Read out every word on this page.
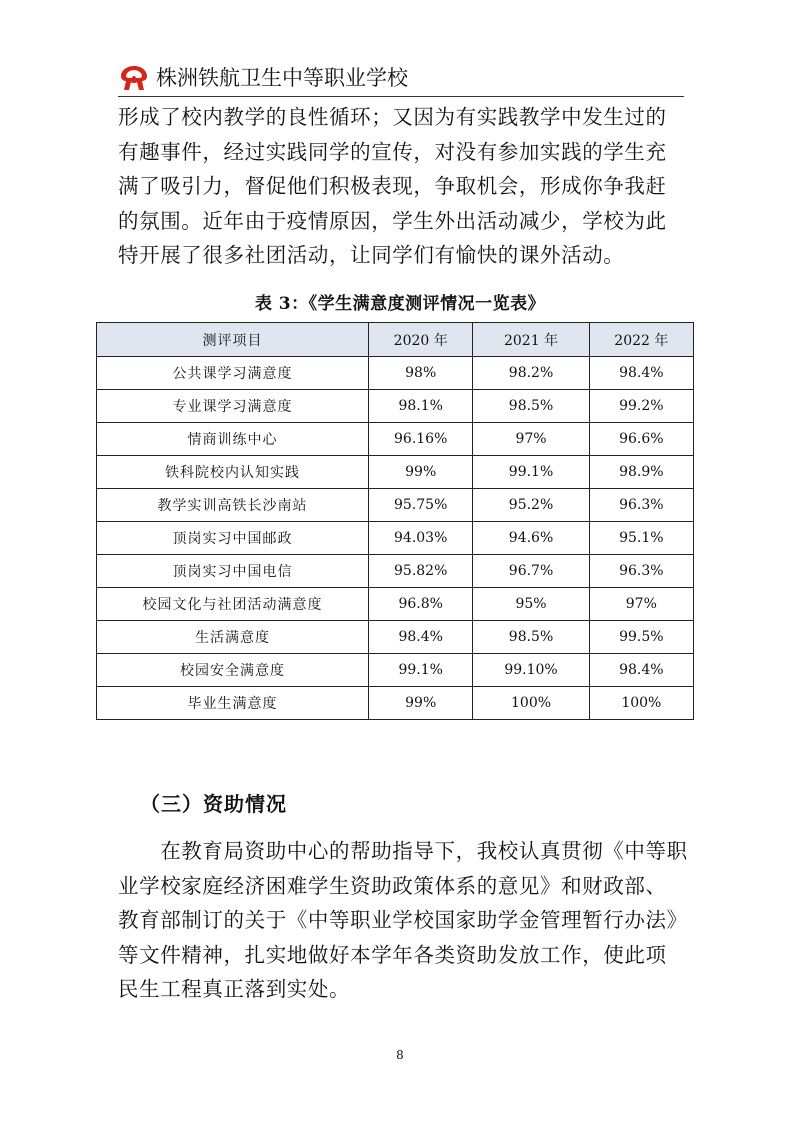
株洲铁航卫生中等职业学校

形成了校内教学的良性循环；又因为有实践教学中发生过的
有趣事件，经过实践同学的宣传，对没有参加实践的学生充
满了吸引力，督促他们积极表现，争取机会，形成你争我赶
的氛围。近年由于疫情原因，学生外出活动减少，学校为此
特开展了很多社团活动，让同学们有愉快的课外活动。

表 3：《学生满意度测评情况一览表》
测评项目	2020 年	2021 年	2022 年
公共课学习满意度	98%	98.2%	98.4%
专业课学习满意度	98.1%	98.5%	99.2%
情商训练中心	96.16%	97%	96.6%
铁科院校内认知实践	99%	99.1%	98.9%
教学实训高铁长沙南站	95.75%	95.2%	96.3%
顶岗实习中国邮政	94.03%	94.6%	95.1%
顶岗实习中国电信	95.82%	96.7%	96.3%
校园文化与社团活动满意度	96.8%	95%	97%
生活满意度	98.4%	98.5%	99.5%
校园安全满意度	99.1%	99.10%	98.4%
毕业生满意度	99%	100%	100%
（三）资助情况

　　在教育局资助中心的帮助指导下，我校认真贯彻《中等职
业学校家庭经济困难学生资助政策体系的意见》和财政部、
教育部制订的关于《中等职业学校国家助学金管理暂行办法》
等文件精神，扎实地做好本学年各类资助发放工作，使此项
民生工程真正落到实处。

8
